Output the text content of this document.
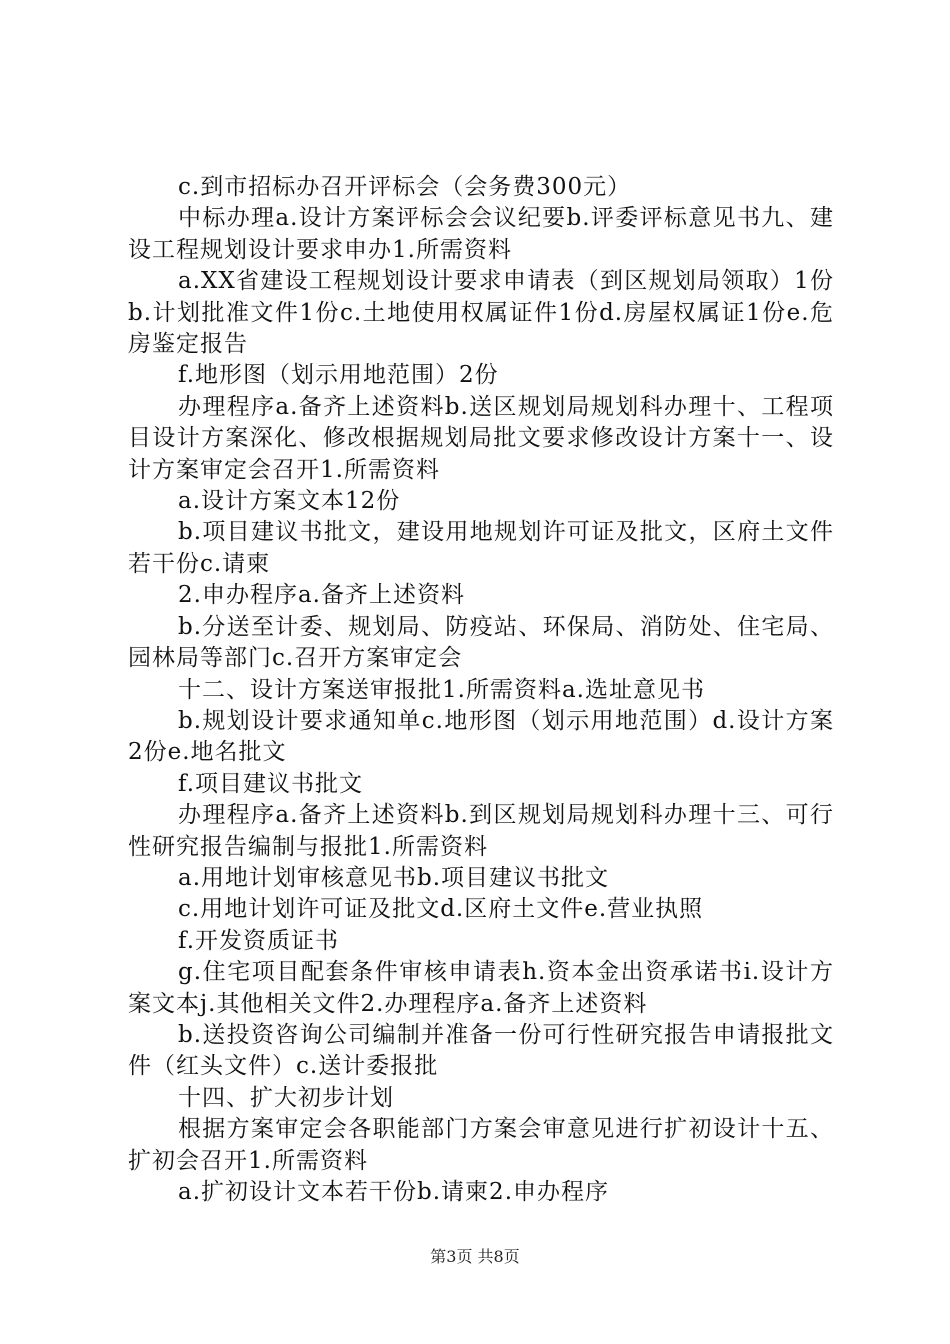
c.到市招标办召开评标会（会务费300元）

中标办理a.设计方案评标会会议纪要b.评委评标意见书九、建设工程规划设计要求申办1.所需资料

a.XX省建设工程规划设计要求申请表（到区规划局领取）1份b.计划批准文件1份c.土地使用权属证件1份d.房屋权属证1份e.危房鉴定报告

f.地形图（划示用地范围）2份

办理程序a.备齐上述资料b.送区规划局规划科办理十、工程项目设计方案深化、修改根据规划局批文要求修改设计方案十一、设计方案审定会召开1.所需资料

a.设计方案文本12份

b.项目建议书批文，建设用地规划许可证及批文，区府土文件若干份c.请柬

2.申办程序a.备齐上述资料

b.分送至计委、规划局、防疫站、环保局、消防处、住宅局、园林局等部门c.召开方案审定会

十二、设计方案送审报批1.所需资料a.选址意见书

b.规划设计要求通知单c.地形图（划示用地范围）d.设计方案2份e.地名批文

f.项目建议书批文

办理程序a.备齐上述资料b.到区规划局规划科办理十三、可行性研究报告编制与报批1.所需资料

a.用地计划审核意见书b.项目建议书批文

c.用地计划许可证及批文d.区府土文件e.营业执照

f.开发资质证书

g.住宅项目配套条件审核申请表h.资本金出资承诺书i.设计方案文本j.其他相关文件2.办理程序a.备齐上述资料

b.送投资咨询公司编制并准备一份可行性研究报告申请报批文件（红头文件）c.送计委报批

十四、扩大初步计划

根据方案审定会各职能部门方案会审意见进行扩初设计十五、扩初会召开1.所需资料

a.扩初设计文本若干份b.请柬2.申办程序

第3页 共8页
